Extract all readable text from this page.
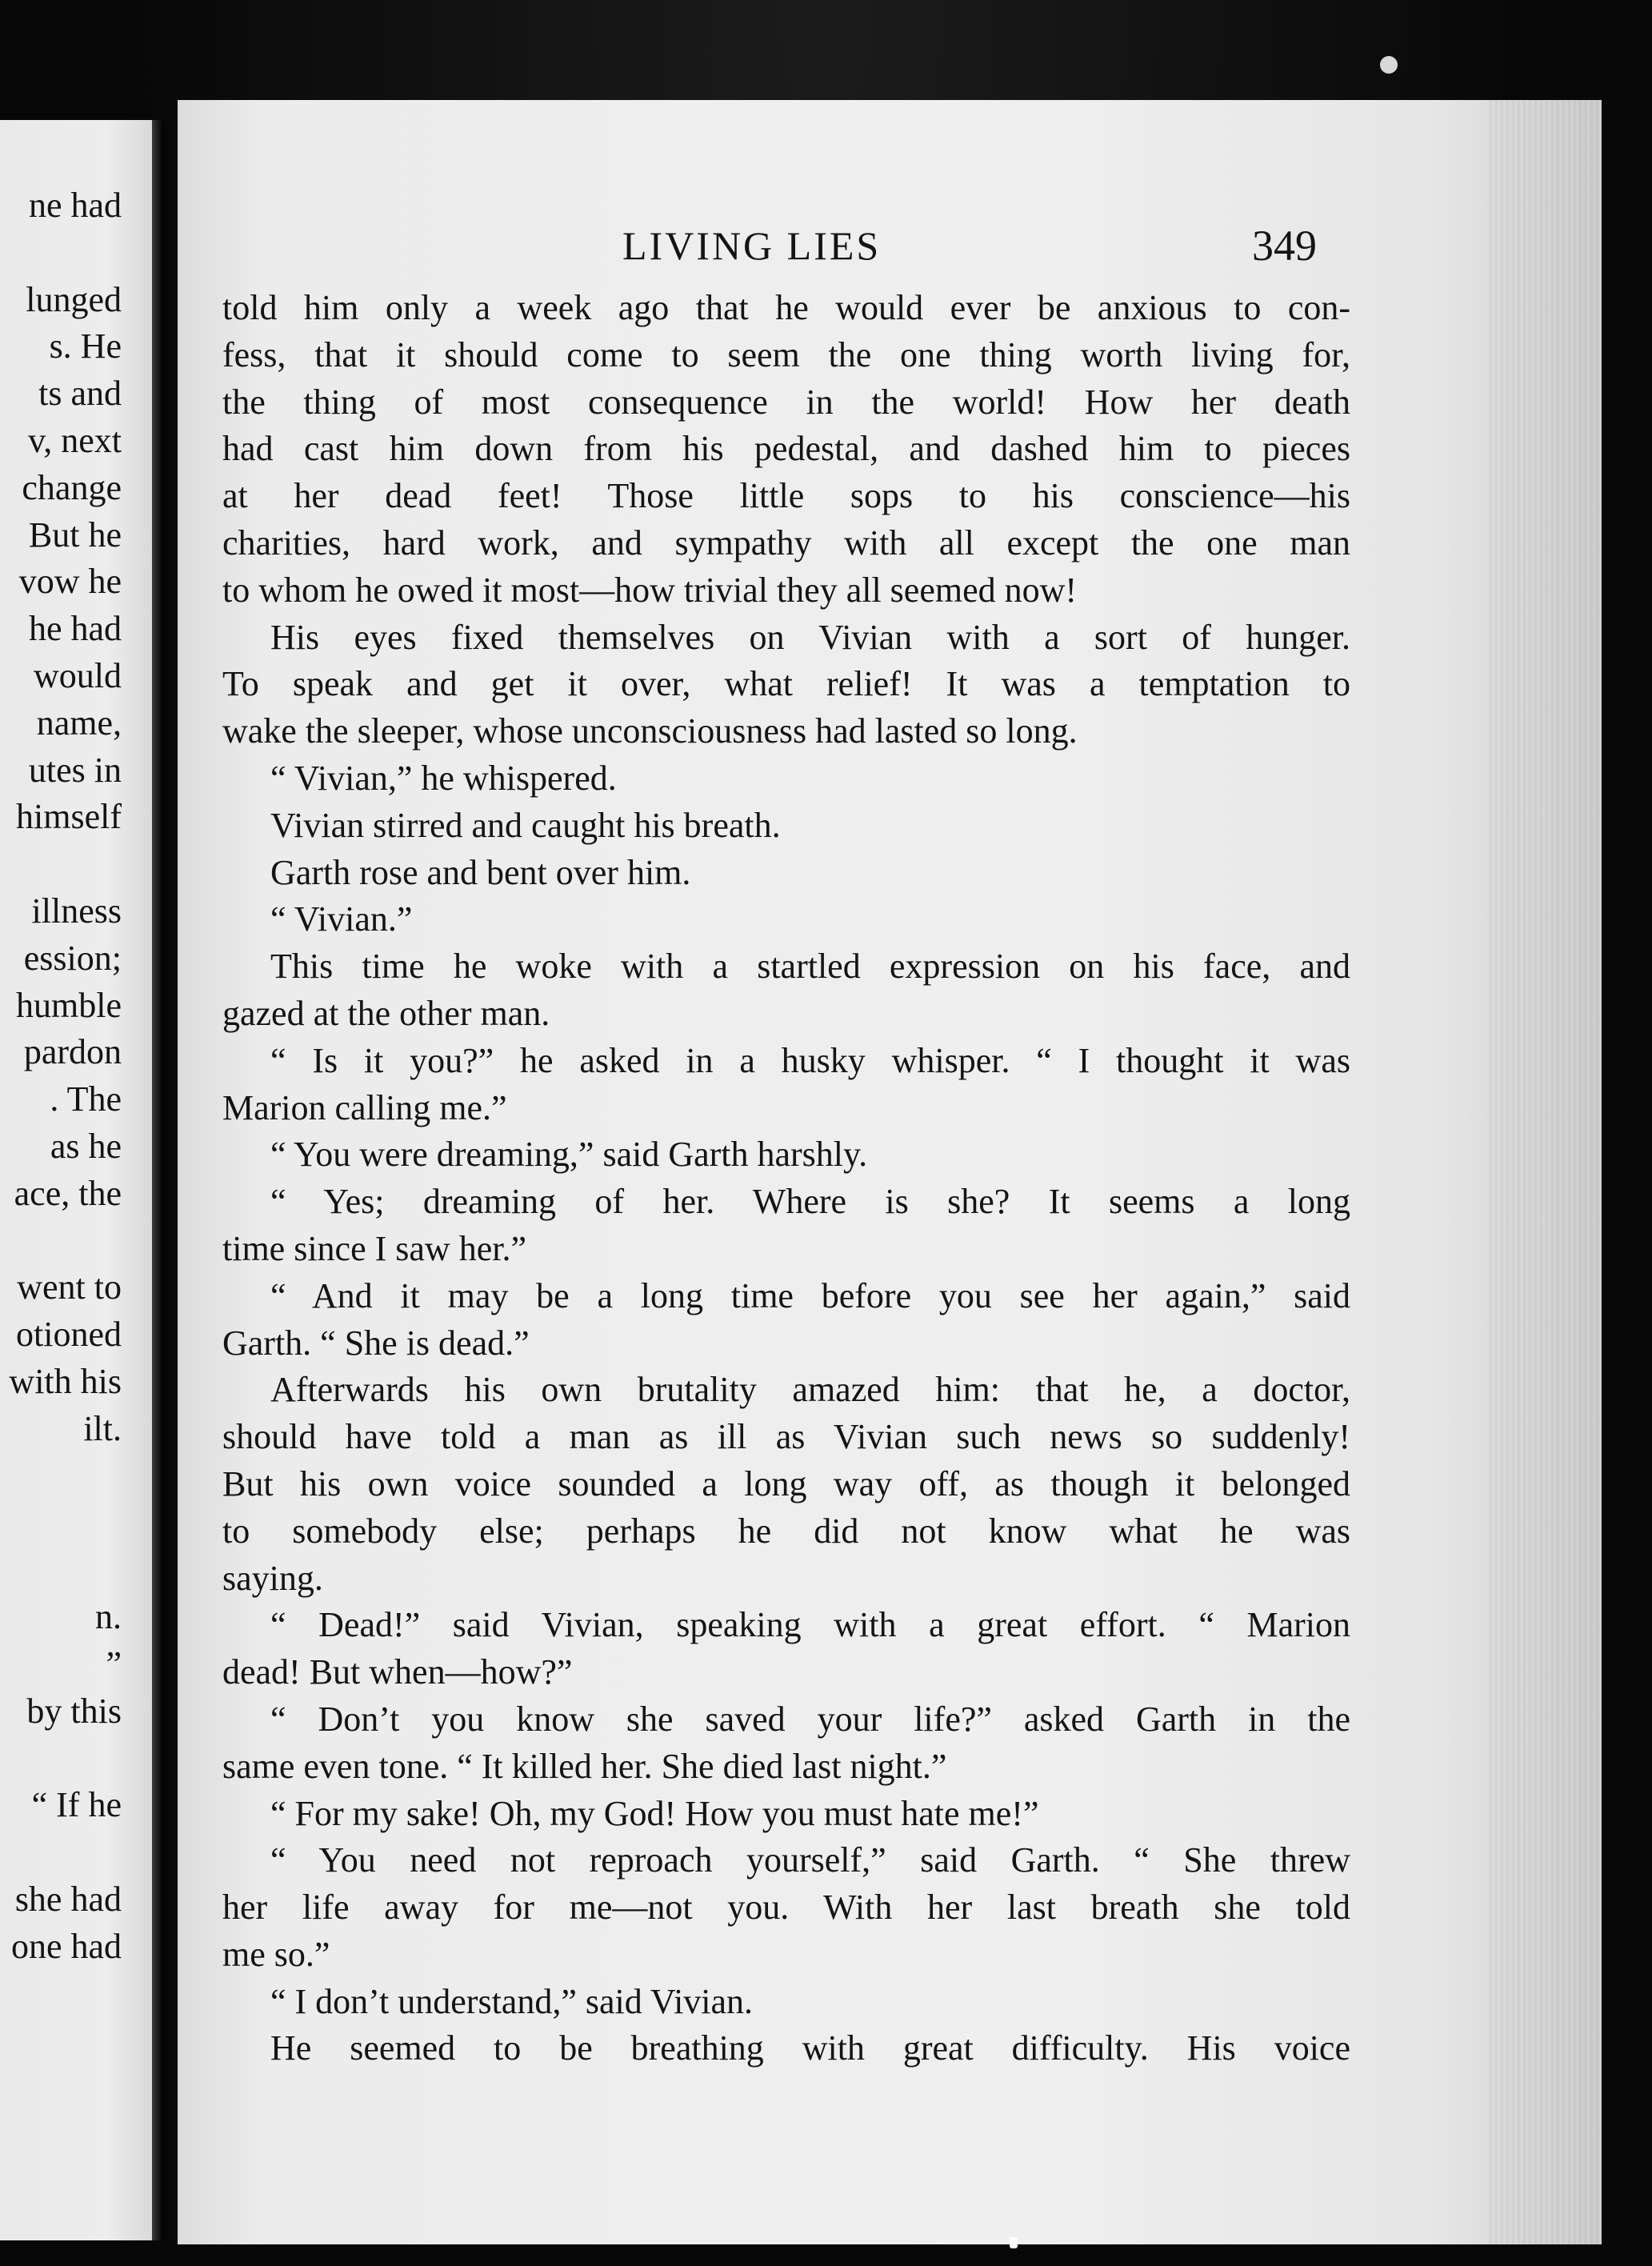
ne had
lunged
s. He
ts and
v, next
change
But he
vow he
he had
would
name,
utes in
himself
illness
ession;
humble
pardon
. The
as he
ace, the
went to
otioned
with his
ilt.
n.
”
by this
“ If he
she had
one had
LIVING LIES	349
told him only a week ago that he would ever be anxious to con-
fess, that it should come to seem the one thing worth living for,
the thing of most consequence in the world! How her death
had cast him down from his pedestal, and dashed him to pieces
at her dead feet! Those little sops to his conscience—his
charities, hard work, and sympathy with all except the one man
to whom he owed it most—how trivial they all seemed now!
His eyes fixed themselves on Vivian with a sort of hunger.
To speak and get it over, what relief! It was a temptation to
wake the sleeper, whose unconsciousness had lasted so long.
“ Vivian,” he whispered.
Vivian stirred and caught his breath.
Garth rose and bent over him.
“ Vivian.”
This time he woke with a startled expression on his face, and
gazed at the other man.
“ Is it you?” he asked in a husky whisper. “ I thought it was
Marion calling me.”
“ You were dreaming,” said Garth harshly.
“ Yes; dreaming of her. Where is she? It seems a long
time since I saw her.”
“ And it may be a long time before you see her again,” said
Garth. “ She is dead.”
Afterwards his own brutality amazed him: that he, a doctor,
should have told a man as ill as Vivian such news so suddenly!
But his own voice sounded a long way off, as though it belonged
to somebody else; perhaps he did not know what he was
saying.
“ Dead!” said Vivian, speaking with a great effort. “ Marion
dead! But when—how?”
“ Don’t you know she saved your life?” asked Garth in the
same even tone. “ It killed her. She died last night.”
“ For my sake! Oh, my God! How you must hate me!”
“ You need not reproach yourself,” said Garth. “ She threw
her life away for me—not you. With her last breath she told
me so.”
“ I don’t understand,” said Vivian.
He seemed to be breathing with great difficulty. His voice
